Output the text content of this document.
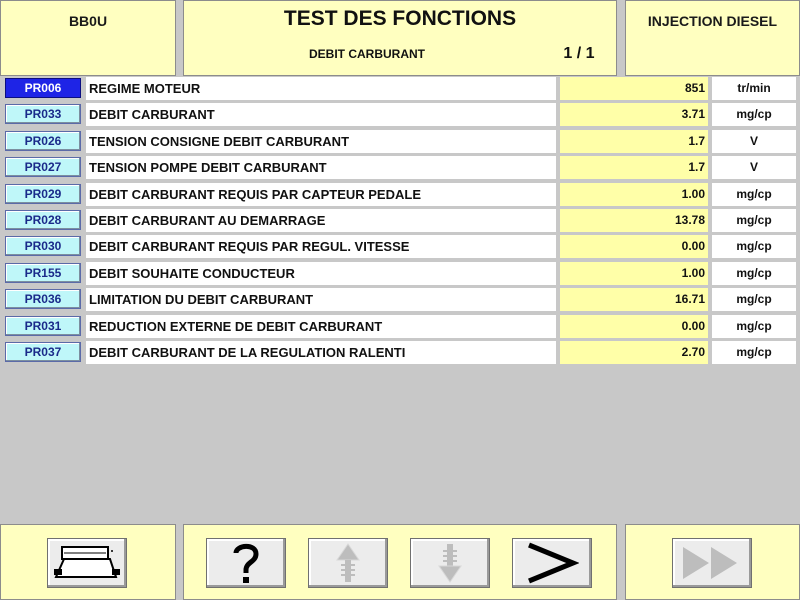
BB0U	TEST DES FONCTIONS
DEBIT CARBURANT	1 / 1
INJECTION DIESEL
PR006	REGIME MOTEUR	851	tr/min
PR033	DEBIT CARBURANT	3.71	mg/cp
PR026	TENSION CONSIGNE DEBIT CARBURANT	1.7	V
PR027	TENSION POMPE DEBIT CARBURANT	1.7	V
PR029	DEBIT CARBURANT REQUIS PAR CAPTEUR PEDALE	1.00	mg/cp
PR028	DEBIT CARBURANT AU DEMARRAGE	13.78	mg/cp
PR030	DEBIT CARBURANT REQUIS PAR REGUL. VITESSE	0.00	mg/cp
PR155	DEBIT SOUHAITE CONDUCTEUR	1.00	mg/cp
PR036	LIMITATION DU DEBIT CARBURANT	16.71	mg/cp
PR031	REDUCTION EXTERNE DE DEBIT CARBURANT	0.00	mg/cp
PR037	DEBIT CARBURANT DE LA REGULATION RALENTI	2.70	mg/cp
